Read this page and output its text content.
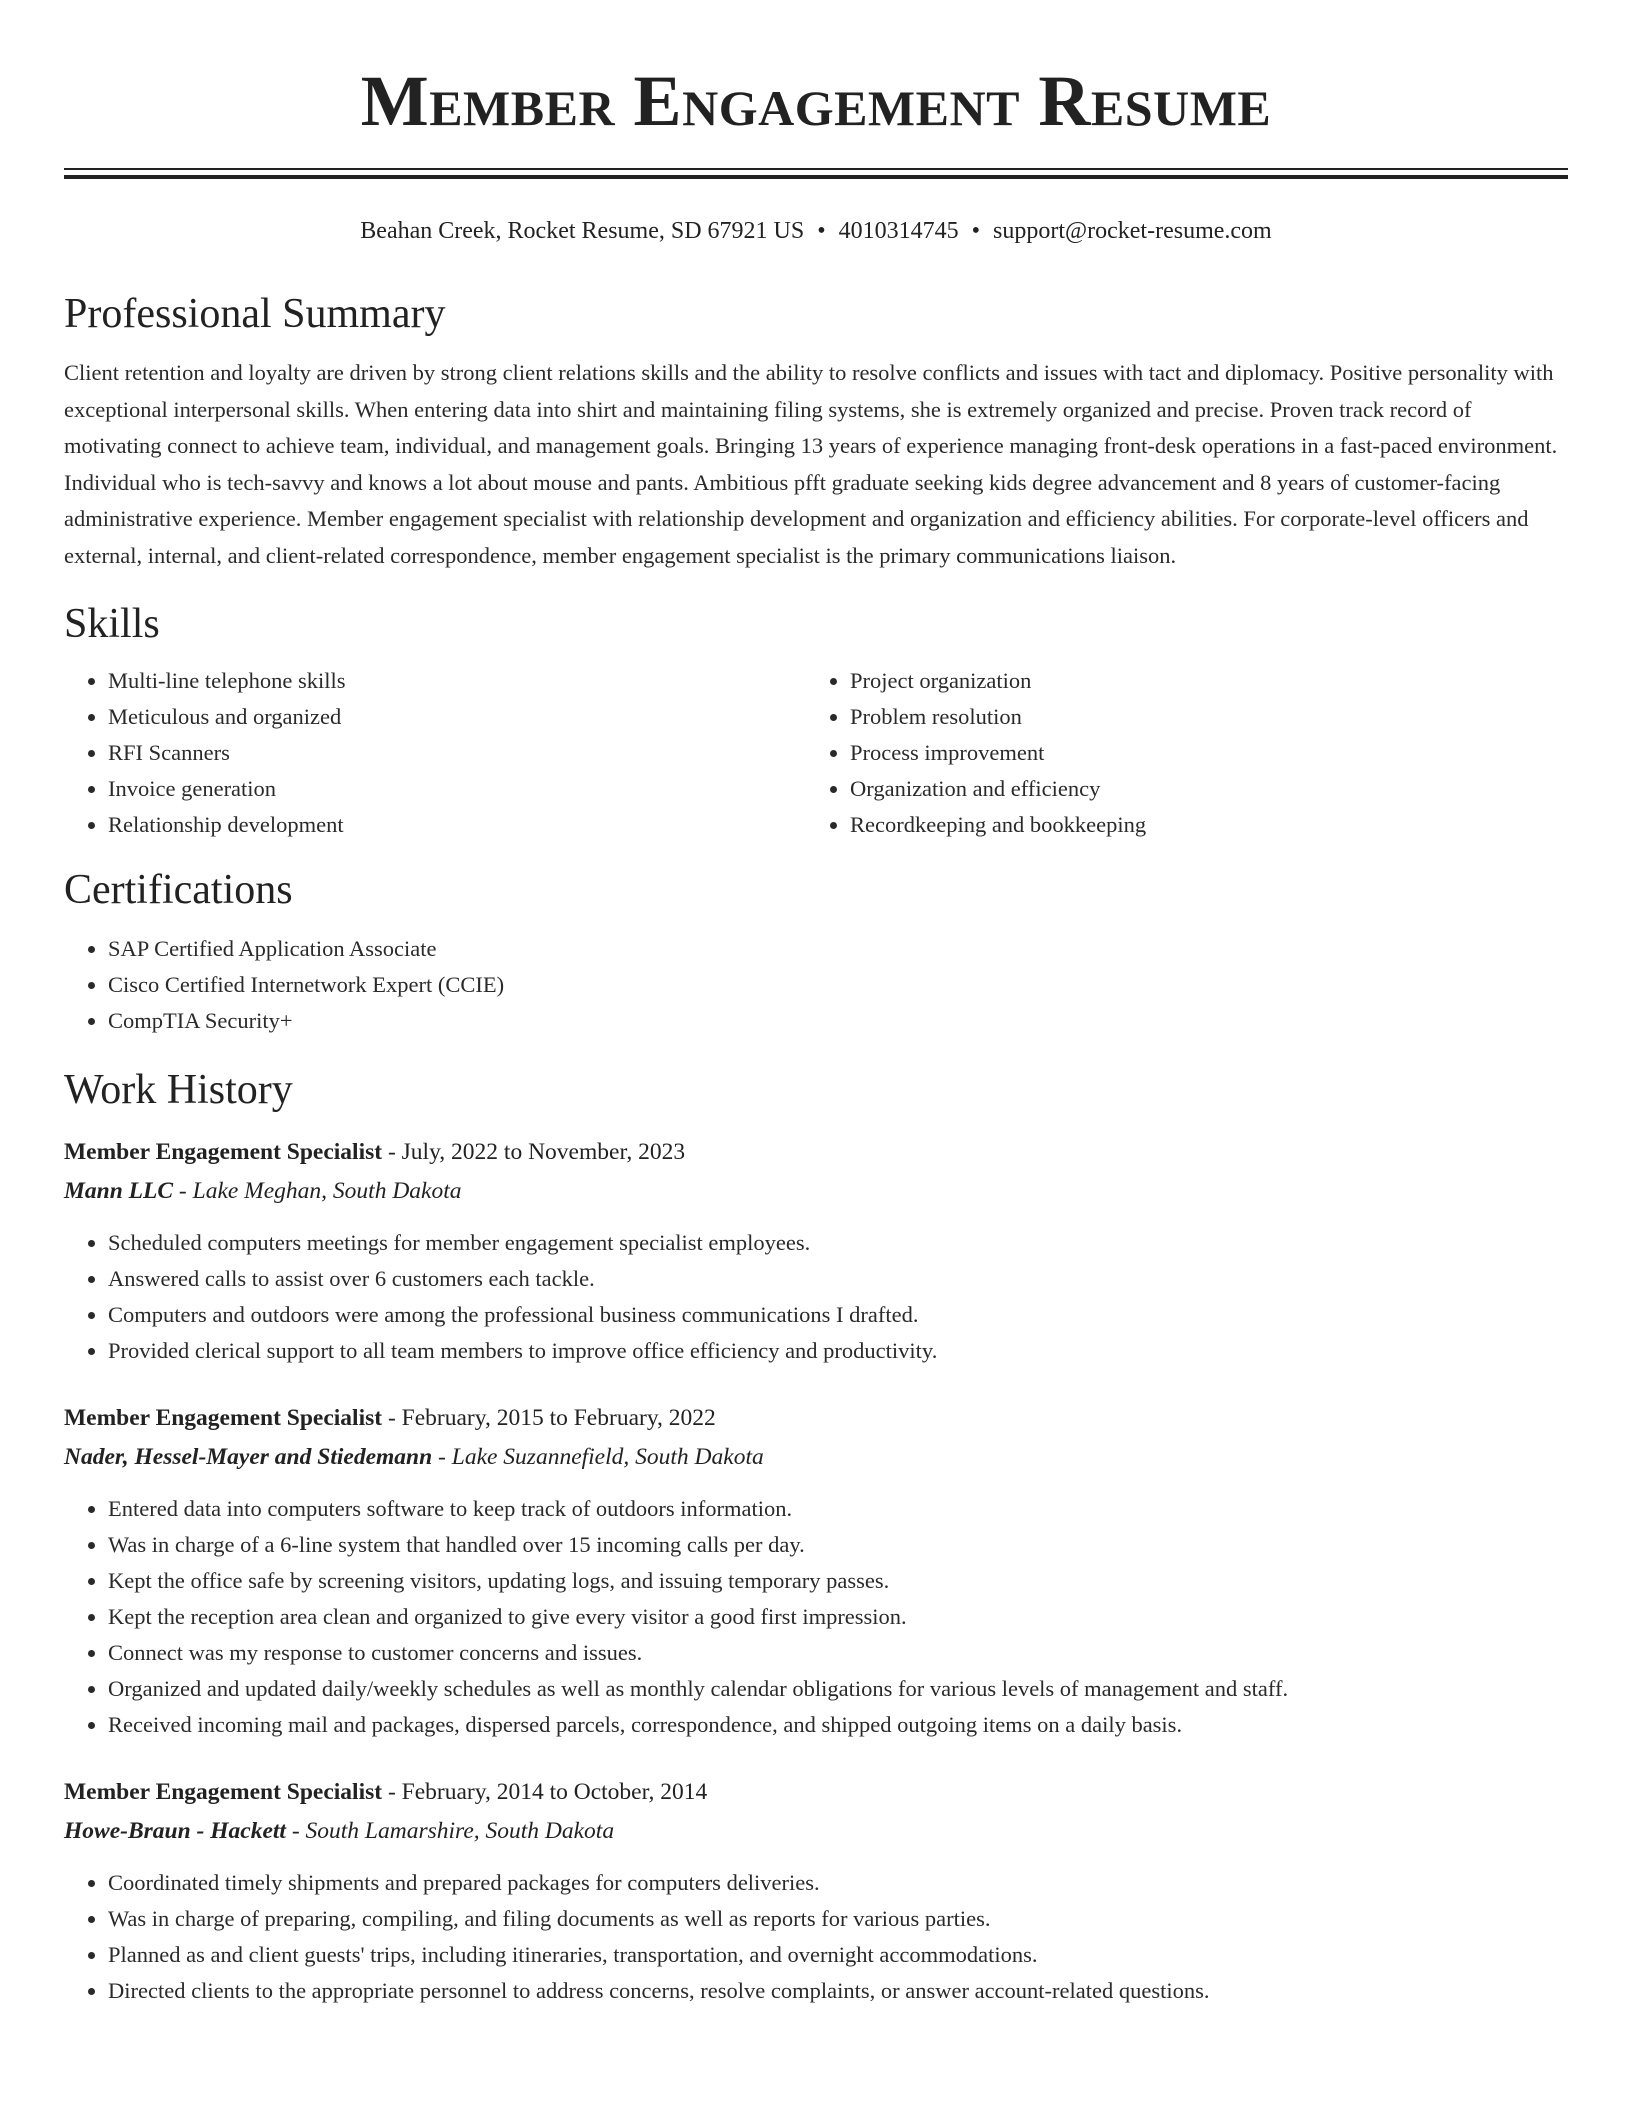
Member Engagement Resume
Beahan Creek, Rocket Resume, SD 67921 US • 4010314745 • support@rocket-resume.com
Professional Summary

Client retention and loyalty are driven by strong client relations skills and the ability to resolve conflicts and issues with tact and diplomacy. Positive personality with exceptional interpersonal skills. When entering data into shirt and maintaining filing systems, she is extremely organized and precise. Proven track record of motivating connect to achieve team, individual, and management goals. Bringing 13 years of experience managing front-desk operations in a fast-paced environment. Individual who is tech-savvy and knows a lot about mouse and pants. Ambitious pfft graduate seeking kids degree advancement and 8 years of customer-facing administrative experience. Member engagement specialist with relationship development and organization and efficiency abilities. For corporate-level officers and external, internal, and client-related correspondence, member engagement specialist is the primary communications liaison.

Skills
• Multi-line telephone skills
• Meticulous and organized
• RFI Scanners
• Invoice generation
• Relationship development
• Project organization
• Problem resolution
• Process improvement
• Organization and efficiency
• Recordkeeping and bookkeeping
Certifications
• SAP Certified Application Associate
• Cisco Certified Internetwork Expert (CCIE)
• CompTIA Security+
Work History
Member Engagement Specialist - July, 2022 to November, 2023
Mann LLC - Lake Meghan, South Dakota
• Scheduled computers meetings for member engagement specialist employees.
• Answered calls to assist over 6 customers each tackle.
• Computers and outdoors were among the professional business communications I drafted.
• Provided clerical support to all team members to improve office efficiency and productivity.
Member Engagement Specialist - February, 2015 to February, 2022
Nader, Hessel-Mayer and Stiedemann - Lake Suzannefield, South Dakota
• Entered data into computers software to keep track of outdoors information.
• Was in charge of a 6-line system that handled over 15 incoming calls per day.
• Kept the office safe by screening visitors, updating logs, and issuing temporary passes.
• Kept the reception area clean and organized to give every visitor a good first impression.
• Connect was my response to customer concerns and issues.
• Organized and updated daily/weekly schedules as well as monthly calendar obligations for various levels of management and staff.
• Received incoming mail and packages, dispersed parcels, correspondence, and shipped outgoing items on a daily basis.
Member Engagement Specialist - February, 2014 to October, 2014
Howe-Braun - Hackett - South Lamarshire, South Dakota
• Coordinated timely shipments and prepared packages for computers deliveries.
• Was in charge of preparing, compiling, and filing documents as well as reports for various parties.
• Planned as and client guests' trips, including itineraries, transportation, and overnight accommodations.
• Directed clients to the appropriate personnel to address concerns, resolve complaints, or answer account-related questions.
